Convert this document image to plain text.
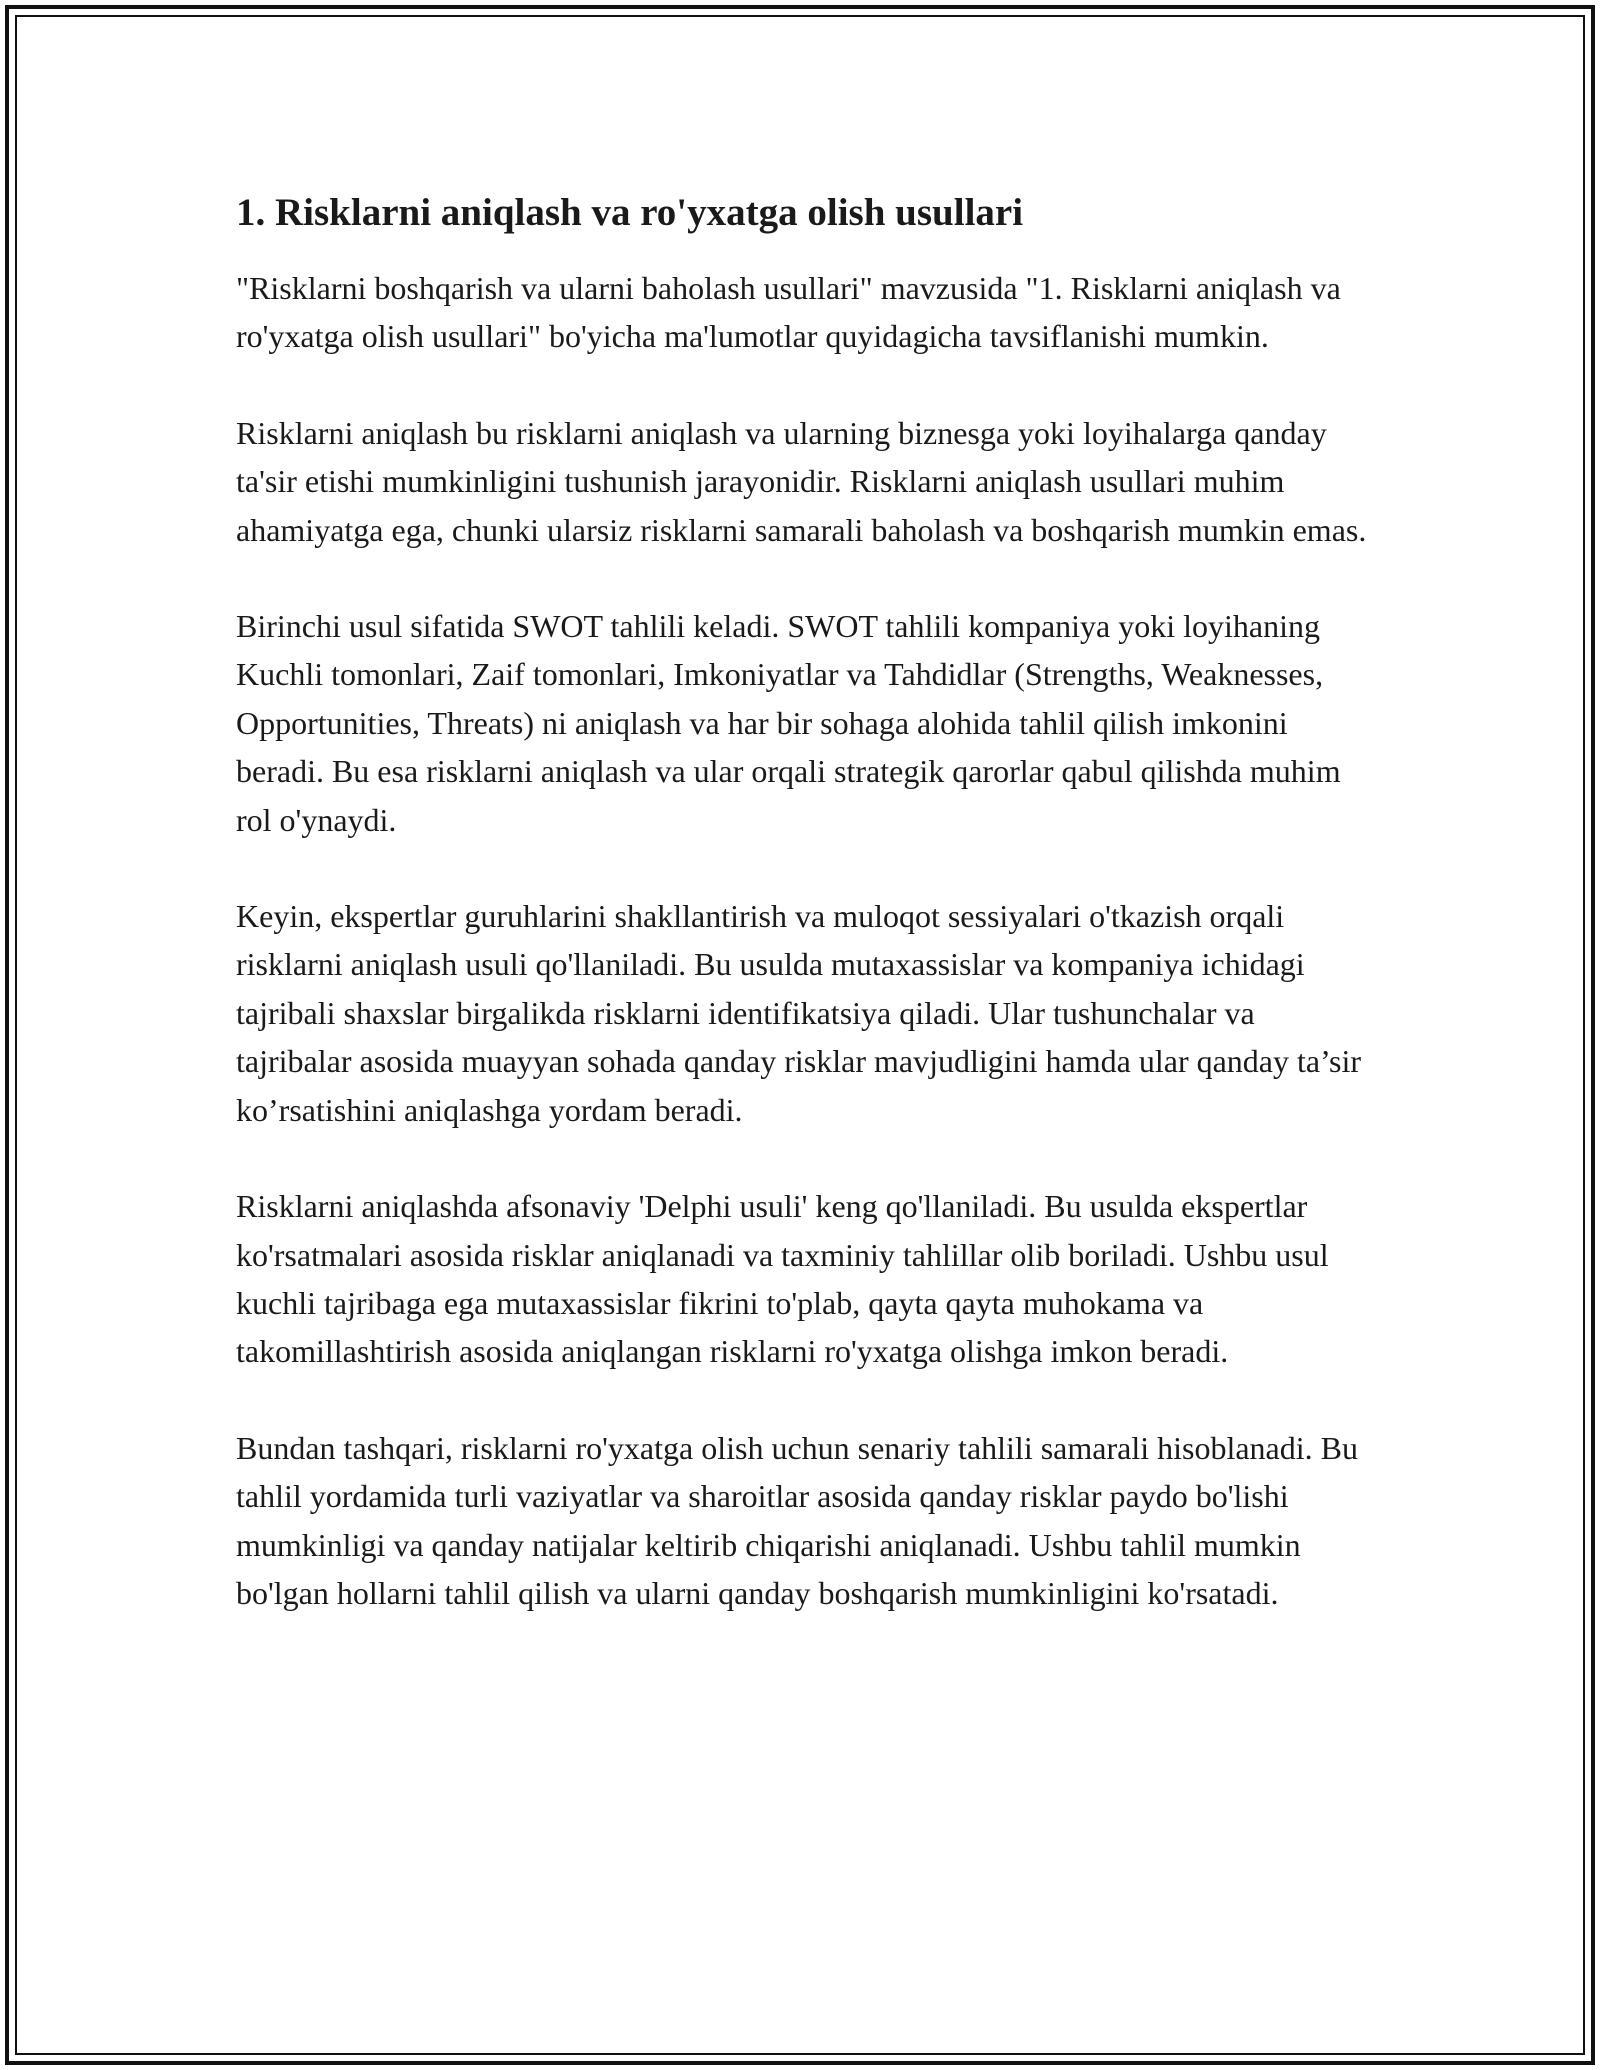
1. Risklarni aniqlash va ro'yxatga olish usullari

"Risklarni boshqarish va ularni baholash usullari" mavzusida "1. Risklarni aniqlash va ro'yxatga olish usullari" bo'yicha ma'lumotlar quyidagicha tavsiflanishi mumkin.

Risklarni aniqlash bu risklarni aniqlash va ularning biznesga yoki loyihalarga qanday ta'sir etishi mumkinligini tushunish jarayonidir. Risklarni aniqlash usullari muhim ahamiyatga ega, chunki ularsiz risklarni samarali baholash va boshqarish mumkin emas.

Birinchi usul sifatida SWOT tahlili keladi. SWOT tahlili kompaniya yoki loyihaning Kuchli tomonlari, Zaif tomonlari, Imkoniyatlar va Tahdidlar (Strengths, Weaknesses, Opportunities, Threats) ni aniqlash va har bir sohaga alohida tahlil qilish imkonini beradi. Bu esa risklarni aniqlash va ular orqali strategik qarorlar qabul qilishda muhim rol o'ynaydi.

Keyin, ekspertlar guruhlarini shakllantirish va muloqot sessiyalari o'tkazish orqali risklarni aniqlash usuli qo'llaniladi. Bu usulda mutaxassislar va kompaniya ichidagi tajribali shaxslar birgalikda risklarni identifikatsiya qiladi. Ular tushunchalar va tajribalar asosida muayyan sohada qanday risklar mavjudligini hamda ular qanday ta’sir ko’rsatishini aniqlashga yordam beradi.

Risklarni aniqlashda afsonaviy 'Delphi usuli' keng qo'llaniladi. Bu usulda ekspertlar ko'rsatmalari asosida risklar aniqlanadi va taxminiy tahlillar olib boriladi. Ushbu usul kuchli tajribaga ega mutaxassislar fikrini to'plab, qayta qayta muhokama va takomillashtirish asosida aniqlangan risklarni ro'yxatga olishga imkon beradi.

Bundan tashqari, risklarni ro'yxatga olish uchun senariy tahlili samarali hisoblanadi. Bu tahlil yordamida turli vaziyatlar va sharoitlar asosida qanday risklar paydo bo'lishi mumkinligi va qanday natijalar keltirib chiqarishi aniqlanadi. Ushbu tahlil mumkin bo'lgan hollarni tahlil qilish va ularni qanday boshqarish mumkinligini ko'rsatadi.
